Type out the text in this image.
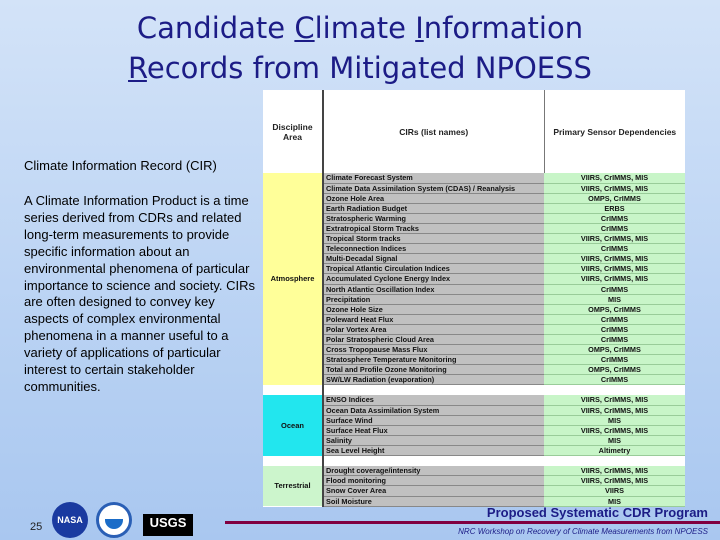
Candidate Climate Information
Records from Mitigated NPOESS
Climate Information Record (CIR)
A Climate Information Product is a time series derived from CDRs and related long-term measurements to provide specific information about an environmental phenomena of particular importance to science and society. CIRs are often designed to convey key aspects of complex environmental phenomena in a manner useful to a variety of applications of particular interest to certain stakeholder communities.
Discipline Area	CIRs (list names)	Primary Sensor Dependencies
Atmosphere	Climate Forecast System	VIIRS, CrIMMS, MIS
	Climate Data Assimilation System (CDAS) / Reanalysis	VIIRS, CrIMMS, MIS
	Ozone Hole Area	OMPS, CrIMMS
	Earth Radiation Budget	ERBS
	Stratospheric Warming	CrIMMS
	Extratropical Storm Tracks	CrIMMS
	Tropical Storm tracks	VIIRS, CrIMMS, MIS
	Teleconnection Indices	CrIMMS
	Multi-Decadal Signal	VIIRS, CrIMMS, MIS
	Tropical Atlantic Circulation Indices	VIIRS, CrIMMS, MIS
	Accumulated Cyclone Energy Index	VIIRS, CrIMMS, MIS
	North Atlantic Oscillation Index	CrIMMS
	Precipitation	MIS
	Ozone Hole Size	OMPS, CrIMMS
	Poleward Heat Flux	CrIMMS
	Polar Vortex Area	CrIMMS
	Polar Stratospheric Cloud Area	CrIMMS
	Cross Tropopause Mass Flux	OMPS, CrIMMS
	Stratosphere Temperature Monitoring	CrIMMS
	Total and Profile Ozone Monitoring	OMPS, CrIMMS
	SW/LW Radiation (evaporation)	CrIMMS

Ocean	ENSO Indices	VIIRS, CrIMMS, MIS
	Ocean Data Assimilation System	VIIRS, CrIMMS, MIS
	Surface Wind	MIS
	Surface Heat Flux	VIIRS, CrIMMS, MIS
	Salinity	MIS
	Sea Level Height	Altimetry

Terrestrial	Drought coverage/intensity	VIIRS, CrIMMS, MIS
	Flood monitoring	VIIRS, CrIMMS, MIS
	Snow Cover Area	VIIRS
	Soil Moisture	MIS
25
NASA	USGS
Proposed Systematic CDR Program
NRC Workshop on Recovery of Climate Measurements from NPOESS
